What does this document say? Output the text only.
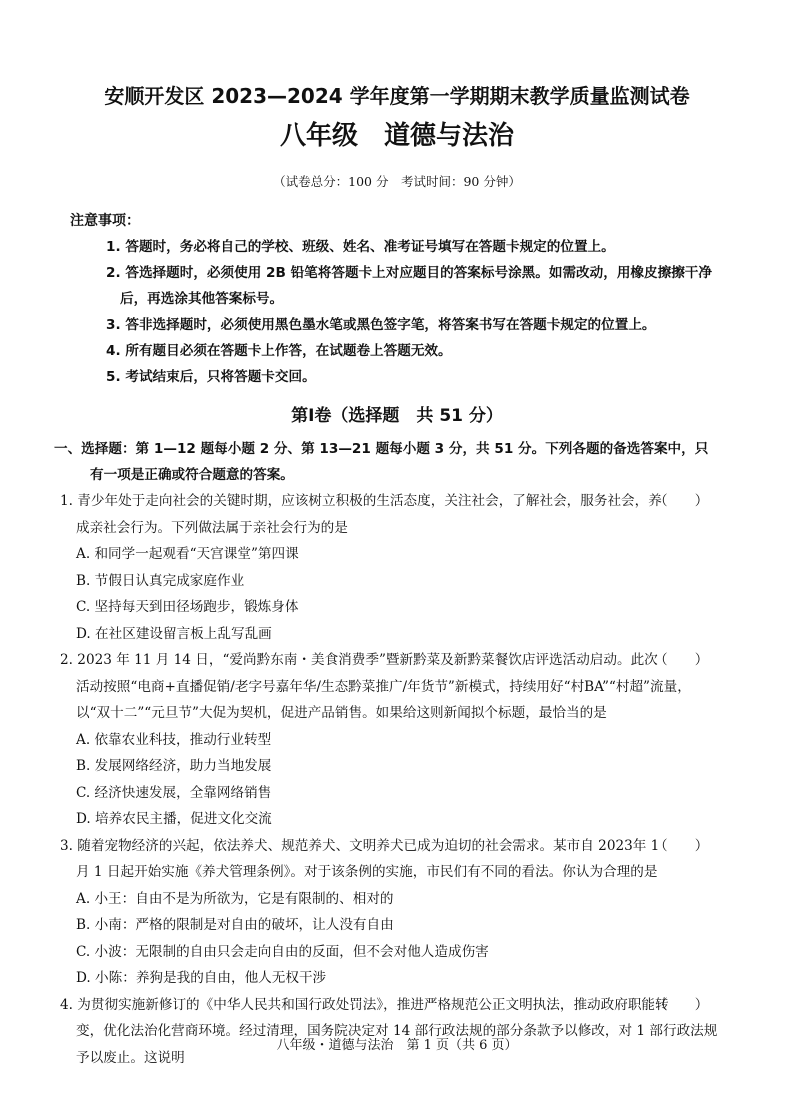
安顺开发区 2023—2024 学年度第一学期期末教学质量监测试卷
八年级　道德与法治

（试卷总分：100 分　考试时间：90 分钟）

注意事项：
1. 答题时，务必将自己的学校、班级、姓名、准考证号填写在答题卡规定的位置上。
2. 答选择题时，必须使用 2B 铅笔将答题卡上对应题目的答案标号涂黑。如需改动，用橡皮擦擦干净后，再选涂其他答案标号。
3. 答非选择题时，必须使用黑色墨水笔或黑色签字笔，将答案书写在答题卡规定的位置上。
4. 所有题目必须在答题卡上作答，在试题卷上答题无效。
5. 考试结束后，只将答题卡交回。
第Ⅰ卷（选择题　共 51 分）

一、选择题：第 1—12 题每小题 2 分、第 13—21 题每小题 3 分，共 51 分。下列各题的备选答案中，只有一项是正确或符合题意的答案。

（　　）
1. 青少年处于走向社会的关键时期，应该树立积极的生活态度，关注社会，了解社会，服务社会，养成亲社会行为。下列做法属于亲社会行为的是

A. 和同学一起观看“天宫课堂”第四课
B. 节假日认真完成家庭作业
C. 坚持每天到田径场跑步，锻炼身体
D. 在社区建设留言板上乱写乱画

（　　）
2. 2023 年 11 月 14 日，“爱尚黔东南・美食消费季”暨新黔菜及新黔菜餐饮店评选活动启动。此次活动按照“电商+直播促销/老字号嘉年华/生态黔菜推广/年货节”新模式，持续用好“村BA”“村超”流量，以“双十二”“元旦节”大促为契机，促进产品销售。如果给这则新闻拟个标题，最恰当的是

A. 依靠农业科技，推动行业转型
B. 发展网络经济，助力当地发展
C. 经济快速发展，全靠网络销售
D. 培养农民主播，促进文化交流

（　　）
3. 随着宠物经济的兴起，依法养犬、规范养犬、文明养犬已成为迫切的社会需求。某市自 2023年 1 月 1 日起开始实施《养犬管理条例》。对于该条例的实施，市民们有不同的看法。你认为合理的是

A. 小王：自由不是为所欲为，它是有限制的、相对的
B. 小南：严格的限制是对自由的破坏，让人没有自由
C. 小波：无限制的自由只会走向自由的反面，但不会对他人造成伤害
D. 小陈：养狗是我的自由，他人无权干涉

（　　）
4. 为贯彻实施新修订的《中华人民共和国行政处罚法》，推进严格规范公正文明执法，推动政府职能转变，优化法治化营商环境。经过清理，国务院决定对 14 部行政法规的部分条款予以修改，对 1 部行政法规予以废止。这说明

八年级・道德与法治　第 1 页（共 6 页）
